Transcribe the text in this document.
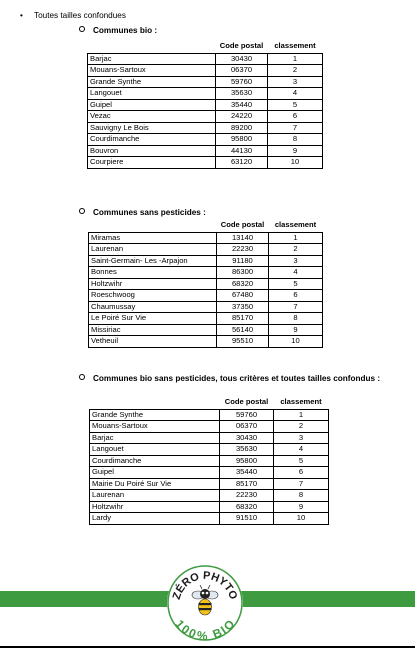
• Toutes tailles confondues
Communes bio :
	Code postal	classement
Barjac	30430	1
Mouans-Sartoux	06370	2
Grande Synthe	59760	3
Langouet	35630	4
Guipel	35440	5
Vezac	24220	6
Sauvigny Le Bois	89200	7
Courdimanche	95800	8
Bouvron	44130	9
Courpiere	63120	10
Communes sans pesticides :
	Code postal	classement
Miramas	13140	1
Laurenan	22230	2
Saint-Germain- Les -Arpajon	91180	3
Bonnes	86300	4
Holtzwihr	68320	5
Roeschwoog	67480	6
Chaumussay	37350	7
Le Poiré Sur Vie	85170	8
Missiriac	56140	9
Vetheuil	95510	10
Communes bio sans pesticides, tous critères et toutes tailles confondus :
	Code postal	classement
Grande Synthe	59760	1
Mouans-Sartoux	06370	2
Barjac	30430	3
Langouet	35630	4
Courdimanche	95800	5
Guipel	35440	6
Mairie Du Poiré Sur Vie	85170	7
Laurenan	22230	8
Holtzwihr	68320	9
Lardy	91510	10
ZÉRO PHYTO
100% BIO
